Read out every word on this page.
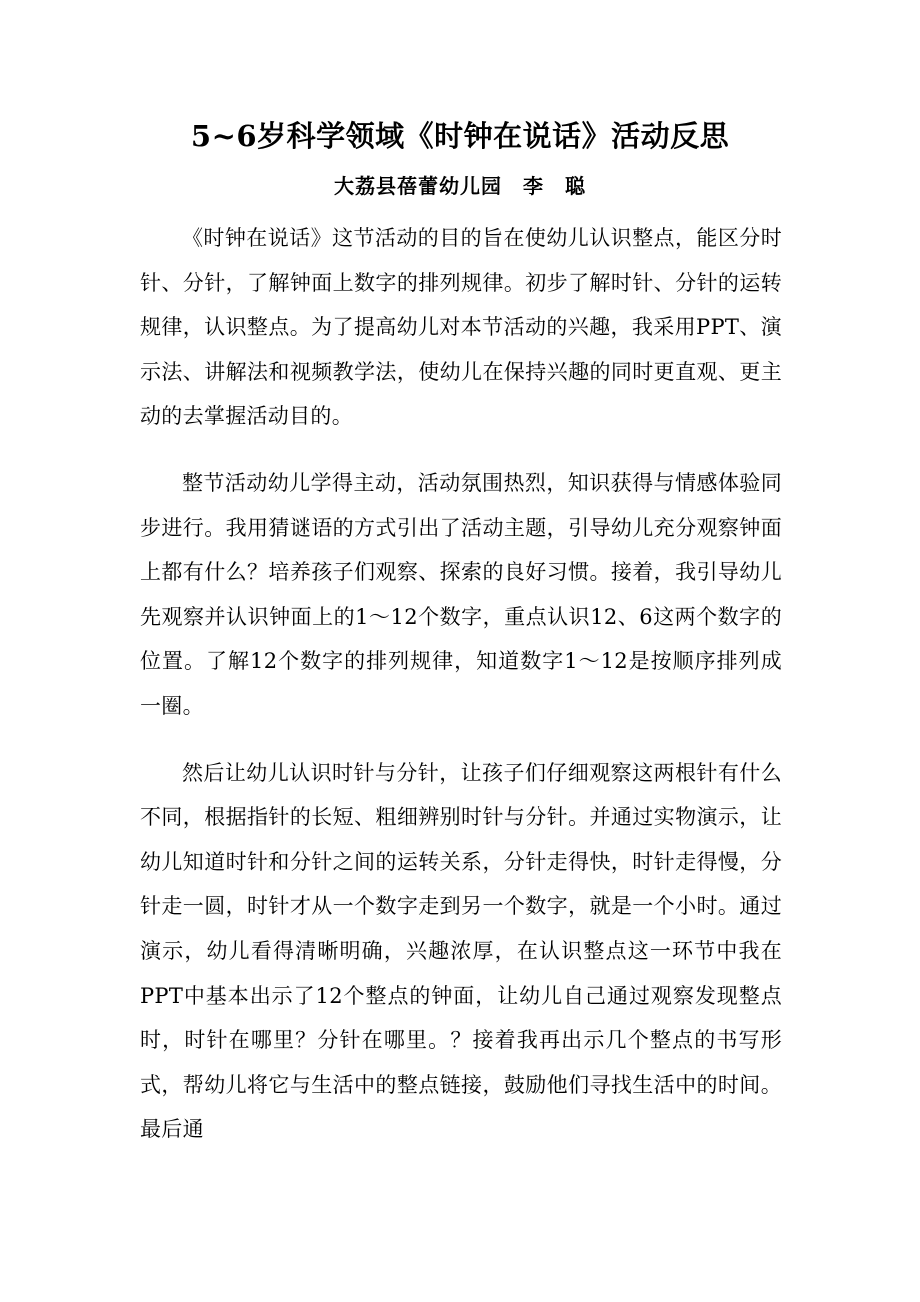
5~6岁科学领域《时钟在说话》活动反思
大荔县蓓蕾幼儿园　李　聪

《时钟在说话》这节活动的目的旨在使幼儿认识整点，能区分时针、分针，了解钟面上数字的排列规律。初步了解时针、分针的运转规律，认识整点。为了提高幼儿对本节活动的兴趣，我采用PPT、演示法、讲解法和视频教学法，使幼儿在保持兴趣的同时更直观、更主动的去掌握活动目的。

整节活动幼儿学得主动，活动氛围热烈，知识获得与情感体验同步进行。我用猜谜语的方式引出了活动主题，引导幼儿充分观察钟面上都有什么？培养孩子们观察、探索的良好习惯。接着，我引导幼儿先观察并认识钟面上的1～12个数字，重点认识12、6这两个数字的位置。了解12个数字的排列规律，知道数字1～12是按顺序排列成一圈。

然后让幼儿认识时针与分针，让孩子们仔细观察这两根针有什么不同，根据指针的长短、粗细辨别时针与分针。并通过实物演示，让幼儿知道时针和分针之间的运转关系，分针走得快，时针走得慢，分针走一圆，时针才从一个数字走到另一个数字，就是一个小时。通过演示，幼儿看得清晰明确，兴趣浓厚，在认识整点这一环节中我在PPT中基本出示了12个整点的钟面，让幼儿自己通过观察发现整点时，时针在哪里？分针在哪里。？接着我再出示几个整点的书写形式，帮幼儿将它与生活中的整点链接，鼓励他们寻找生活中的时间。最后通
